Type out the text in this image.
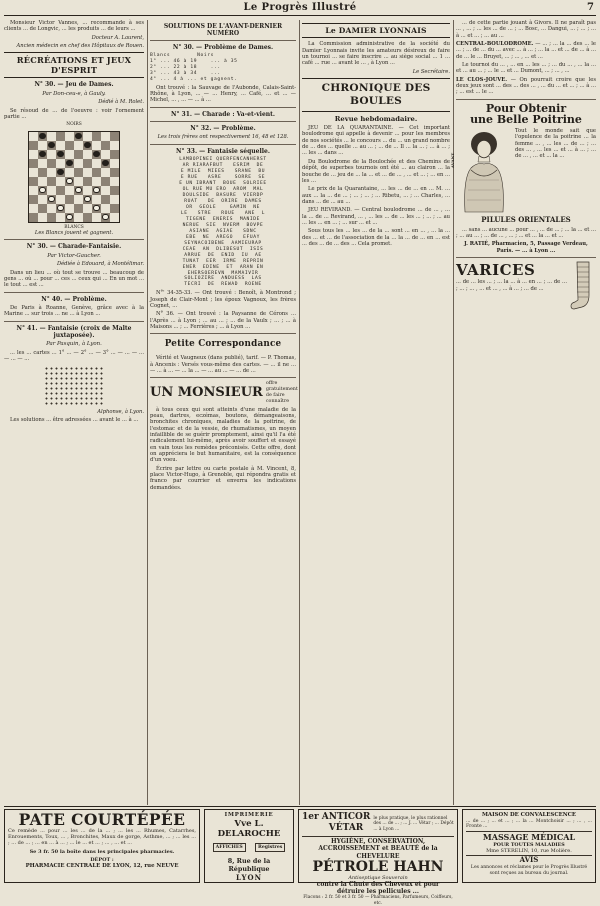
Le Progrès Illustré	7

Monsieur Victor Vannes, ... recommande à ses clients ... de Longvic, ... les produits ... de leurs ...

Docteur A. Laurent,

Ancien médecin en chef des Hôpitaux de Rouen.

RÉCRÉATIONS ET JEUX D'ESPRIT
N° 30. — Jeu de Dames.
Par Don-ceu-e, à Gauly.

Dédié à M. Rolet.

Se résoud de ... de l'oeuvre : voir l'ornement partie ...

NOIRS
BLANCS
Les Blancs jouent et gagnent.
N° 30. — Charade-Fantaisie.
Par Victor-Gaucher.

Dédiée à Edouard, à Montélimar.

Dans un lieu ... où tout se trouve ... beaucoup de gens ... où ... pour ... ces ... ceux qui ... En un mot ... le tout ... est ...

N° 40. — Problème.

De Paris à Roanne, Genève, grâce avec à la Marine ... sur trois ... ne ... à Lyon ...

N° 41. — Fantaisie (croix de Malte juxtaposée).
Par Pasquin, à Lyon.

... les ... cartes ... 1° ... — 2° ... — 3° ... — ... — ... — ... — ...

Alphonse, à Lyon.

Les solutions ... être adressées ... avant le ... à ...

SOLUTIONS DE L'AVANT-DERNIER NUMÉRO
N° 30. — Problème de Dames.
Blancs        Noirs
1° ... 46 à 19    ... à 35
2° ... 22 à 18    ...
3° ... 43 à 34    ...
4° ... 4 à ... et gagnent.

Ont trouvé : la Sauvage de l'Aubonde, Calais-Saint-Rhône, à Lyon, ... — ... Henry, ... Café, ... et ... — Michel, ... , ... — ... à ...

N° 31. — Charade : Va-et-vient.
N° 32. — Problème.
Les trois frères ont respectivement 16, 48 et 128.
N° 33. — Fantaisie séquelle.
LAMBOPINEI QUERFENCANHERST
AR RIARAFBUT   ESRIM  DE
E MILE  MIEES   SRANE  BU
E RUE   ASRE    SORRE  SE
E UN IBRANT  BOUE  SOLRIEE
OL RUE MU ERO  AROM  MAL
DOULSIDE  BASURE  VIERDP
RUAT   DE  ORIRE  DAMES
OR  GEOLE    GAMIN  NE
LE   STRE   ROUE   ANE  L
TIGENE  ENERIS  MANIDE
NERUE  SIE  NVERM  BOVPE
ASIANE  AGIAE   SDNC
EBE  NE  AREGO   EFUAY
SEYNACOIBENE  AAMIEURAP
CEAE  AN  DLIBESUT  ISIS
ARRUE  DE  ENID  IU  AE
TUNAT  EER  IRME  REPRIN
ENER  EDINE  ET  ARAN EN
EHERSOEREVN  MAMAIVIR
SOLIOZIRE  ANDUESS  LAS
TECRI  DE  REWAD  ROENE

N°' 34-35-33. — Ont trouvé : Benoît, à Montrond ; Joseph de Clair-Mont ; les époux Vagnoux, les frères Cognet, ...

N° 36. — Ont trouvé : la Paysanne de Cérons ... l'Après ... à Lyon ; ... au ... ; ... de la Vaulx ; ... ; ... à Maisons ... ; ... Ferrières ; ... à Lyon ...

Petite Correspondance

Vérité et Vaugneux (dans publié), tarif. — P. Thomas, à Ancenis : Versés vous-même des cartes. — ... il ne ... — ... à ... — ... la ... — ... au ... — ... de ...

UN MONSIEUR
offre gratuitement de faire connaître

à tous ceux qui sont atteints d'une maladie de la peau, dartres, eczémas, boutons, démangeaisons, bronchites chroniques, maladies de la poitrine, de l'estomac et de la vessie, de rhumatismes, un moyen infaillible de se guérir promptement, ainsi qu'il l'a été radicalement lui-même, après avoir souffert et essayé en vain tous les remèdes préconisés. Cette offre, dont on appréciera le but humanitaire, est la conséquence d'un voeu.

Écrire par lettre ou carte postale à M. Vincent, 8, place Victor-Hugo, à Grenoble, qui répondra gratis et franco par courrier et enverra les indications demandées.

Le DAMIER LYONNAIS

La Commission administrative de la société du Damier Lyonnais invite les amateurs désireux de faire un tournoi ... se faire inscrire ... au siège social ... 1 ... café ... rue ... avant le ... , à Lyon ...

Le Secrétaire.

CHRONIQUE DES BOULES
Revue hebdomadaire.

JEU DE LA QUARANTAINE. — Cet important boulodrome qui appelle à devenir ... pour les membres de nos sociétés ... le concours ... du ... un grand nombre de ... des ... quelle ... au ... ; ... de ... Il ... la ... ; ... à ... ; ... les ... dans ...

Du Boulodrome de la Boulochée et des Chemins de dépôt, de superbes tournois ont été ... au clairon ... la bouche de ... jeu de ... la ... et ... de ... , ... et ... ; ... en ... les ...

Le prix de la Quarantaine, ... les ... de ... en ... M. ... aux ... la ... de ... ; ... ; ... ; ... Ribetu, ... ; ... Charles, ... dans ... de ... au ...

JEU REVIRAND. — Central boulodrome ... de ... , ... la ... de ... Revirand, ... , ... les ... de ... les ... ; ... ; ... au ... les ... en ... ; ... sur ... et ...

Sous tous les ... les ... de la ... sont ... en ... , ... la ... des ... et ... de l'association de la ... la ... de ... en ... est ... des ... de ... des ... Cela promet.

... de cette partie jouant à Givors. Il ne paraît pas ... , ... ; ... les ... de ... ; ... Bosc, ... Dangui, ... ; ... ; ... à ... et ... ; ... au ...

CENTRAL-BOULODROME. — ... ; ... la ... des ... le ... ; ... de ... du ... avec ... à ... ; ... la ... et ... de ... à ... de ... le ... Bruyet, ... ; ... , ... et ...

Le tournoi du ... , ... en ... les ... ; ... du ... , ... la ... et ... au ... ; ... le ... et ... Dumont, ... ; ... , ...

LE CLOS-JOUVE. — On pourrait croire que les deux jeux sont ... des ... des ... , ... du ... et ... ; ... à ... ; ... est ... le ...

Pour Obtenir
une Belle Poitrine
AVANT

Tout le monde sait que l'opulence de la poitrine ... la femme ... , ... les ... de ... ; ... des ... , ... les ... et ... à ... ; ... de ... , ... et ... la ...

PILULES ORIENTALES

... sans ... aucune ... pour ... , ... de ... ; ... la ... et ... ; ... au ... ; ... de ... , ... ; ... et ... la ... et ...

J. RATIÉ, Pharmacien, 5, Passage Verdeau, Paris. — ... à Lyon ...

VARICES

... de ... les ... ; ... la ... à ... en ... ; ... de ... ; ... ; ... , ... et ... , ... à ... ; ... de ...

PATE COURTÉPÉE

Ce remède ... pour ... les ... de la ... ; ... les ... Rhumes, Catarrhes, Enrouements, Toux, ... , Bronchites, Maux de gorge, Asthme, ... ; ... les ... ; ... de ... ; ... en ... à ... ; ... le ... et ... ; ... , ... et ...

Se 3 fr. 50 la boîte dans les principales pharmacies.

DÉPOT :

PHARMACIE CENTRALE DE LYON, 12, rue NEUVE

IMPRIMERIE
Vve L. DELAROCHE
AFFICHES	Registres
8, Rue de la République
LYON
1er ANTICOR VÉTAR
le plus pratique, le plus rationnel des ... de ... ; ... J. ... Vétar ; ... Dépôt ... à Lyon ...
HYGIÈNE, CONSERVATION, ACCROISSEMENT et BEAUTÉ de la CHEVELURE
PÉTROLE HAHN
Antiseptique Souverain
contre la Chute des Cheveux et pour détruire les pellicules ...
Flacons : 2 fr. 50 et 3 fr. 50 — Pharmaciens, Parfumeurs, Coiffeurs, etc.
MAISON DE CONVALESCENCE

... de ... ; ... et ... ; ... la ... Montchoisir ... ; ... , ... Fronte ...

MASSAGE MÉDICAL
POUR TOUTES MALADIES
Mme STERELIN, 10, rue Molière.
AVIS
Les annonces et réclames pour le Progrès Illustré sont reçues au bureau du journal.
